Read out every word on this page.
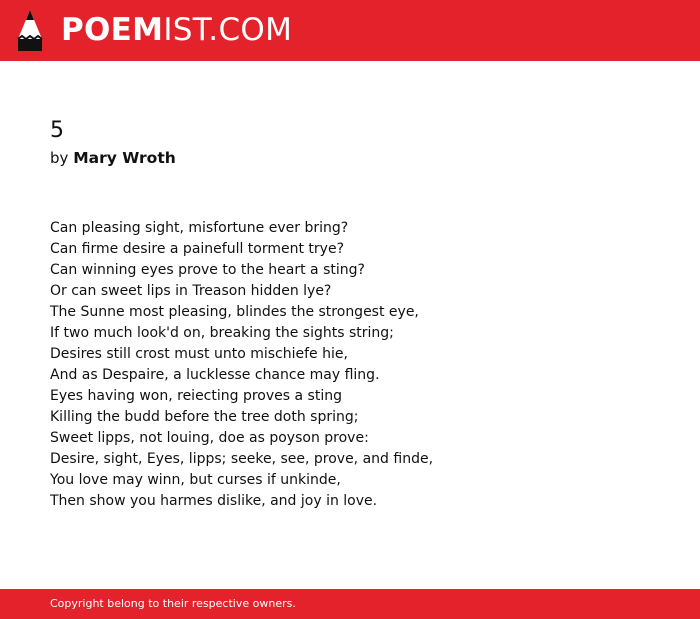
POEMIST.COM
5
by Mary Wroth
Can pleasing sight, misfortune ever bring?
Can firme desire a painefull torment trye?
Can winning eyes prove to the heart a sting?
Or can sweet lips in Treason hidden lye?
The Sunne most pleasing, blindes the strongest eye,
If two much look'd on, breaking the sights string;
Desires still crost must unto mischiefe hie,
And as Despaire, a lucklesse chance may fling.
Eyes having won, reiecting proves a sting
Killing the budd before the tree doth spring;
Sweet lipps, not louing, doe as poyson prove:
Desire, sight, Eyes, lipps; seeke, see, prove, and finde,
You love may winn, but curses if unkinde,
Then show you harmes dislike, and joy in love.
Copyright belong to their respective owners.
